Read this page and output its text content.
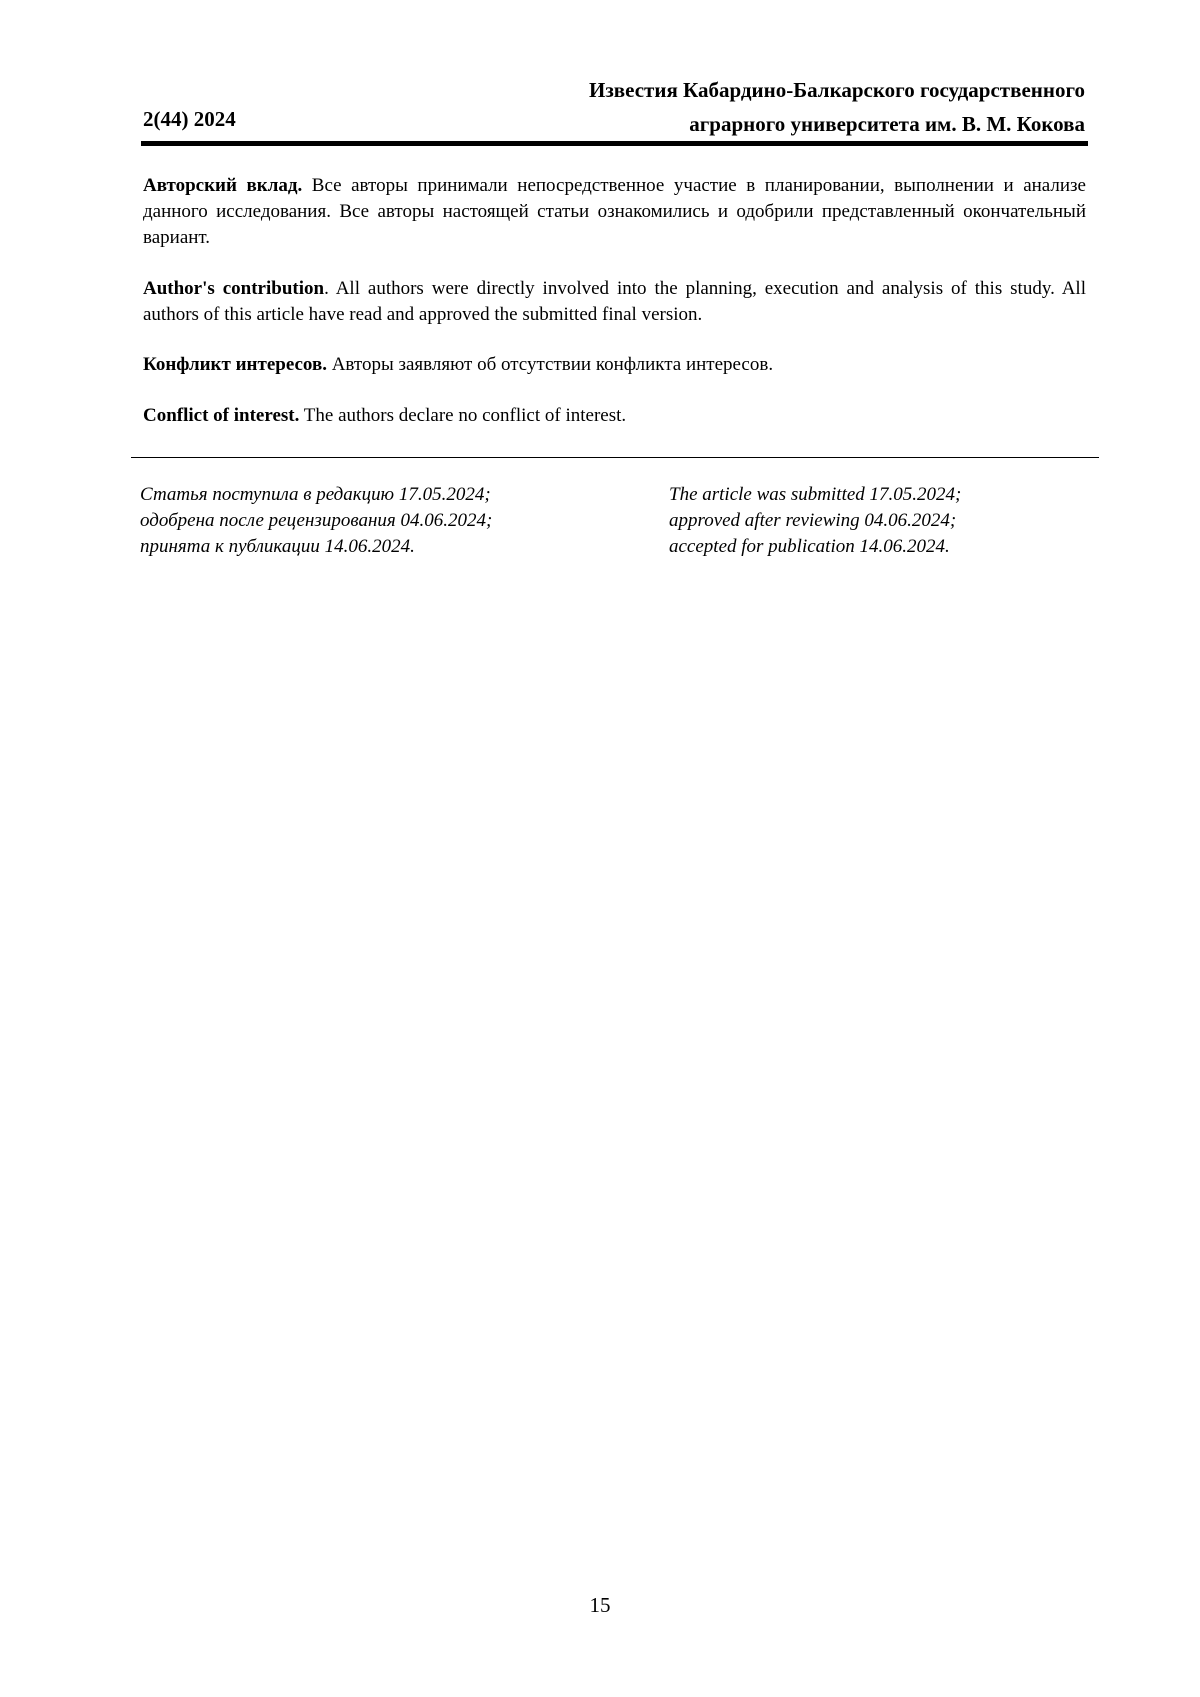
2(44) 2024
Известия Кабардино-Балкарского государственного
аграрного университета им. В. М. Кокова

Авторский вклад. Все авторы принимали непосредственное участие в планировании, выполнении и анализе данного исследования. Все авторы настоящей статьи ознакомились и одобрили представленный окончательный вариант.

Author's contribution. All authors were directly involved into the planning, execution and analysis of this study. All authors of this article have read and approved the submitted final version.

Конфликт интересов. Авторы заявляют об отсутствии конфликта интересов.

Conflict of interest. The authors declare no conflict of interest.

Статья поступила в редакцию 17.05.2024;
одобрена после рецензирования 04.06.2024;
принята к публикации 14.06.2024.
The article was submitted 17.05.2024;
approved after reviewing 04.06.2024;
accepted for publication 14.06.2024.
15
